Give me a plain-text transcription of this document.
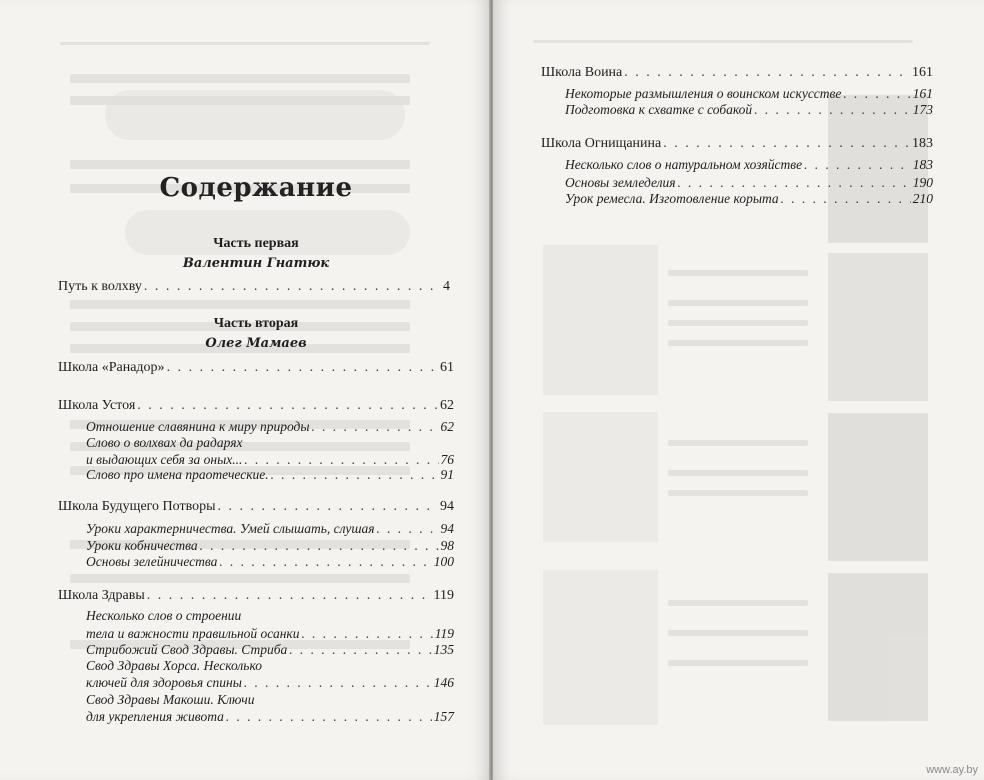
Содержание
Часть первая
Валентин Гнатюк
Путь к волхву . . .	4
Часть вторая
Олег Мамаев
Школа «Ранадор» . . .	61
Школа Устоя . . .	62
Отношение славянина к миру природы . . .	62
Слово о волхвах да радарях
и выдающих себя за оных... . . .	76
Слово про имена праотеческие. . . .	91
Школа Будущего Потворы . . .	94
Уроки характерничества. Умей слышать, слушая . . .	94
Уроки кобничества . . .	98
Основы зелейничества . . .	100
Школа Здравы . . .	119
Несколько слов о строении
тела и важности правильной осанки . . .	119
Стрибожий Свод Здравы. Стриба . . .	135
Свод Здравы Хорса. Несколько
ключей для здоровья спины . . .	146
Свод Здравы Макоши. Ключи
для укрепления живота . . .	157
Школа Воина . . .	161
Некоторые размышления о воинском искусстве . . .	161
Подготовка к схватке с собакой . . .	173
Школа Огнищанина . . .	183
Несколько слов о натуральном хозяйстве . . .	183
Основы земледелия . . .	190
Урок ремесла. Изготовление корыта . . .	210
www.ay.by
